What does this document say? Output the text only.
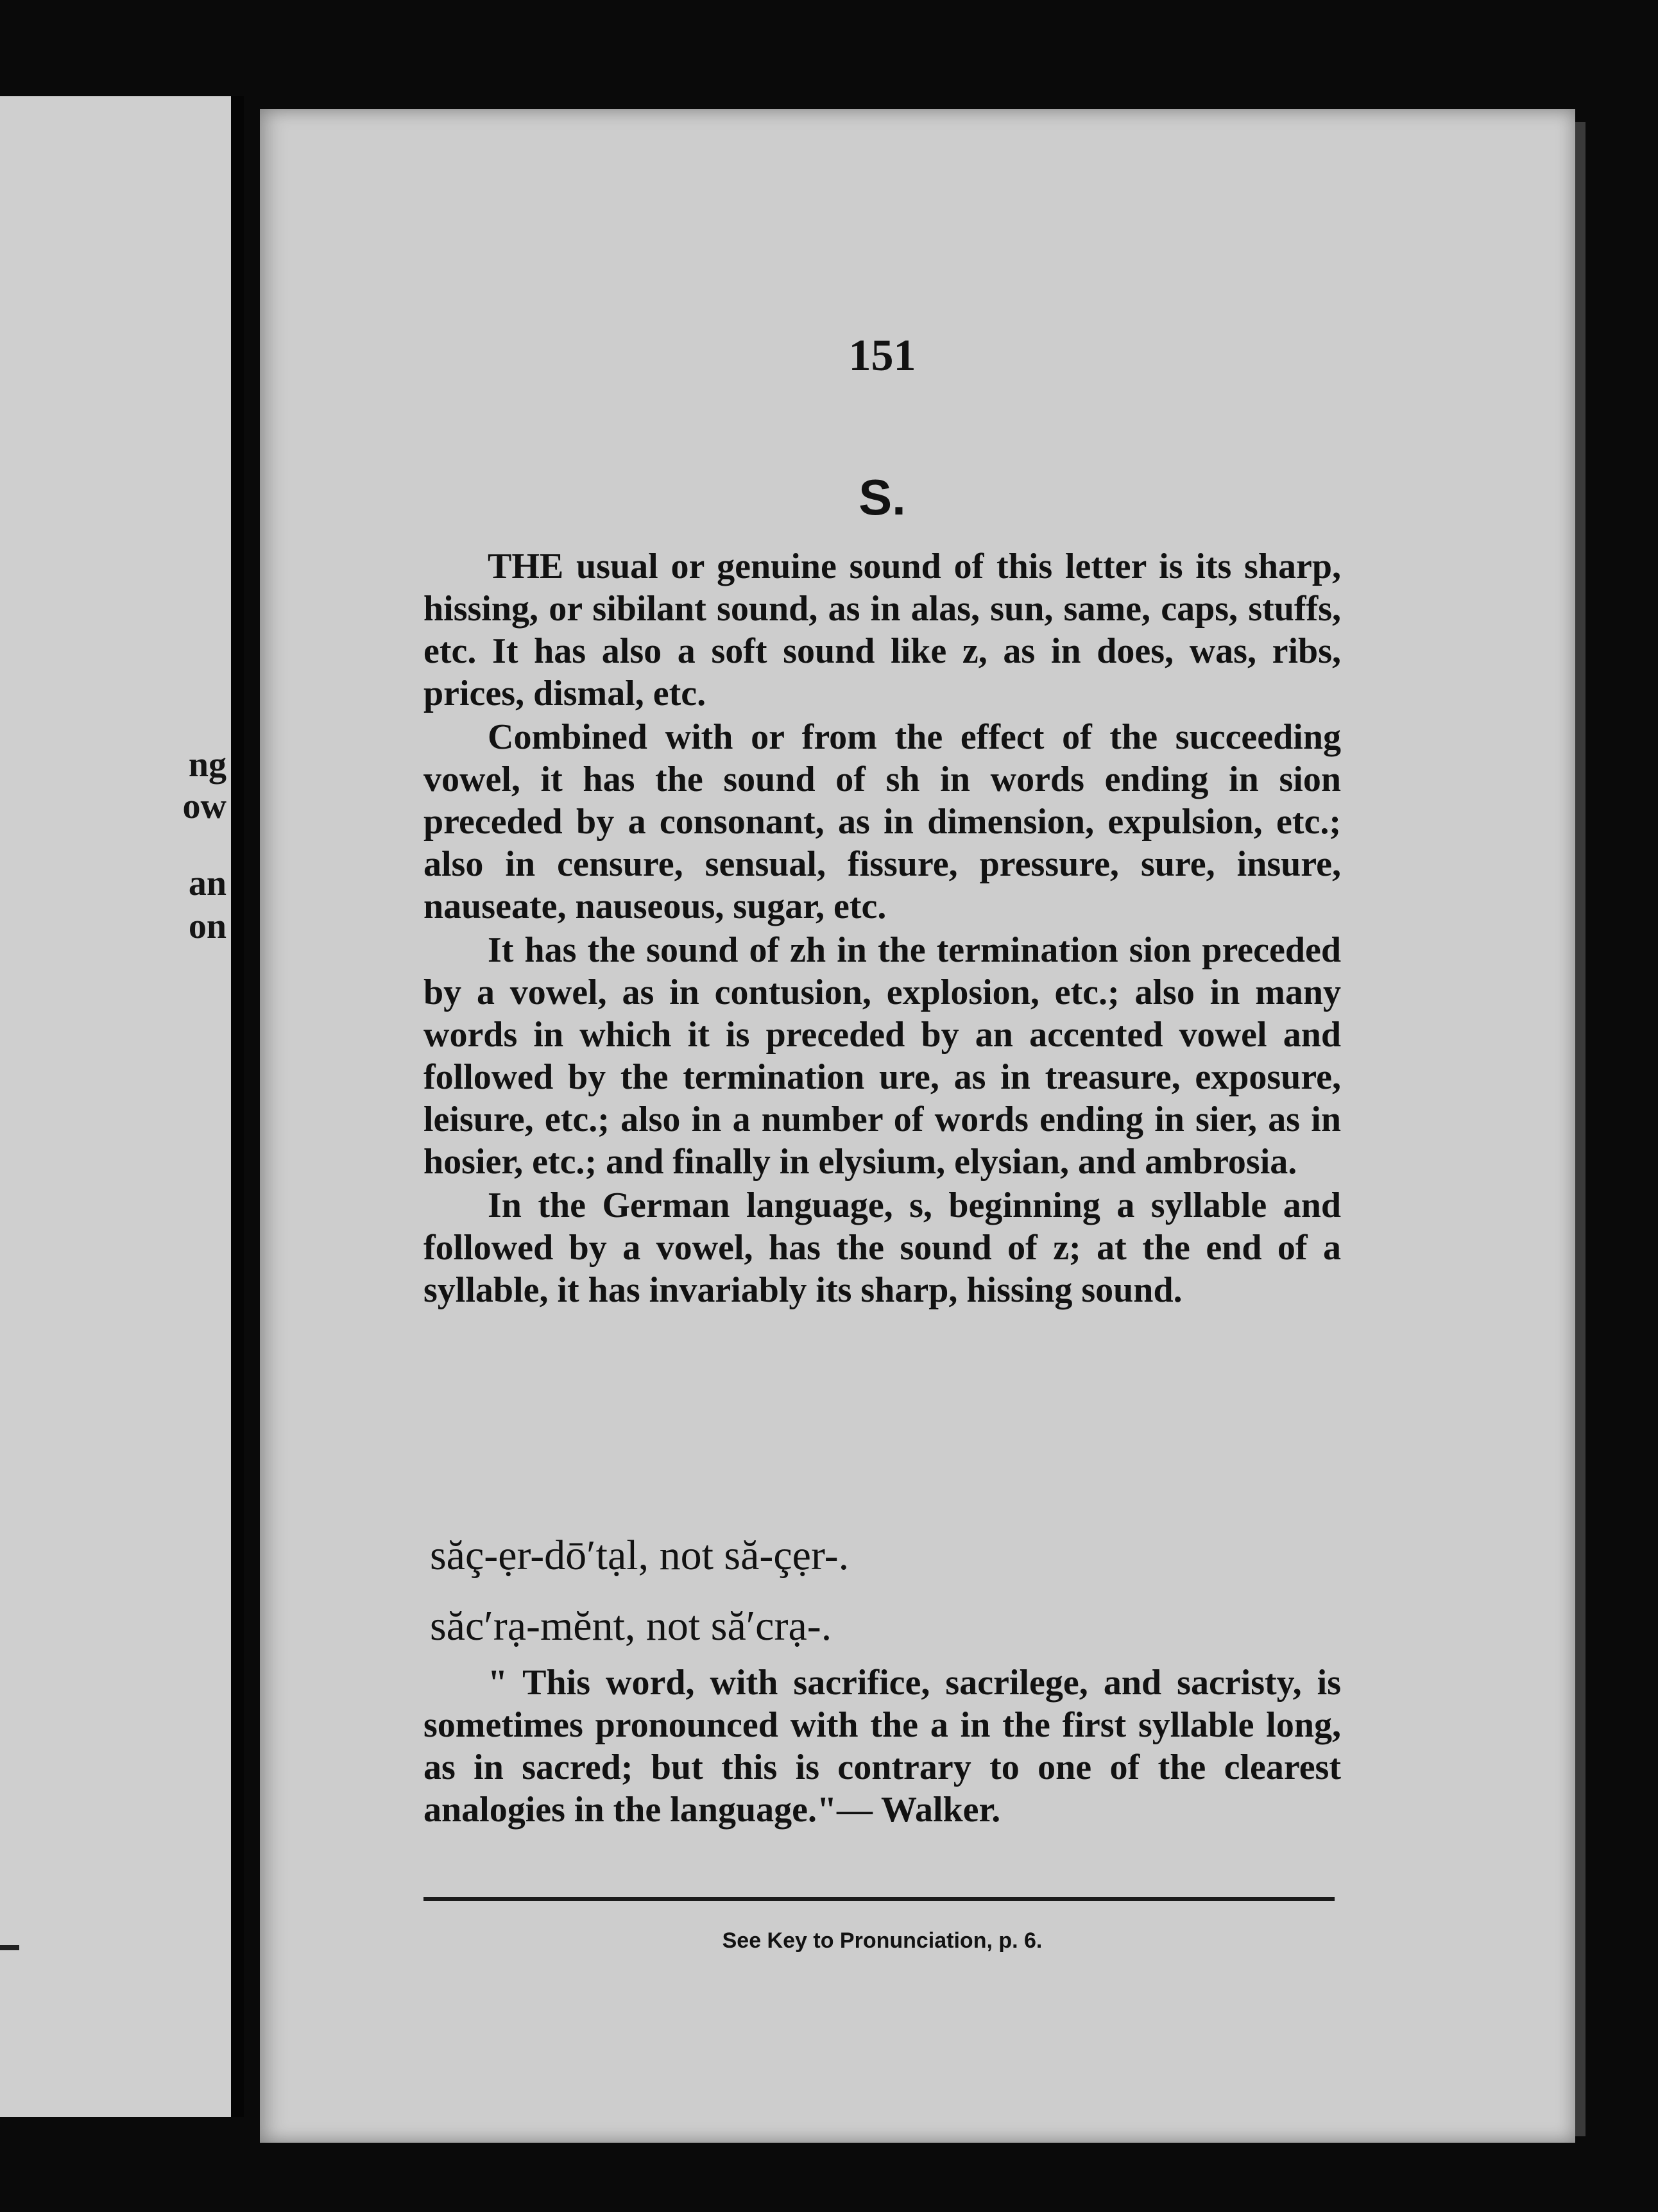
ng

ow

an

on

151

S.

THE usual or genuine sound of this letter is its sharp, hissing, or sibilant sound, as in alas, sun, same, caps, stuffs, etc. It has also a soft sound like z, as in does, was, ribs, prices, dismal, etc.

Combined with or from the effect of the succeeding vowel, it has the sound of sh in words ending in sion preceded by a consonant, as in dimension, expulsion, etc.; also in censure, sensual, fissure, pressure, sure, insure, nauseate, nauseous, sugar, etc.

It has the sound of zh in the termination sion preceded by a vowel, as in contusion, explosion, etc.; also in many words in which it is preceded by an accented vowel and followed by the termination ure, as in treasure, exposure, leisure, etc.; also in a number of words ending in sier, as in hosier, etc.; and finally in elysium, elysian, and ambrosia.

In the German language, s, beginning a syllable and followed by a vowel, has the sound of z; at the end of a syllable, it has invariably its sharp, hissing sound.

săç-ẹr-dō′tạl, not să-çẹr-.

săc′rạ-mĕnt, not să′crạ-.

" This word, with sacrifice, sacrilege, and sacristy, is sometimes pronounced with the a in the first syllable long, as in sacred; but this is contrary to one of the clearest analogies in the language."— Walker.

See Key to Pronunciation, p. 6.
